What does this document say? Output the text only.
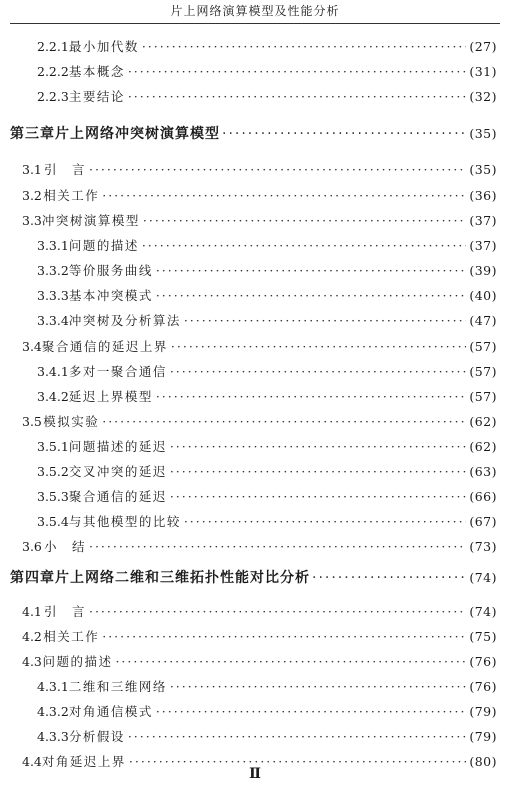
片上网络演算模型及性能分析
2.2.1 最小加代数 ·····	(27)
2.2.2 基本概念 ·····	(31)
2.2.3 主要结论 ·····	(32)
第三章 片上网络冲突树演算模型 ·····	(35)
3.1 引　言 ·····	(35)
3.2 相关工作 ·····	(36)
3.3 冲突树演算模型 ·····	(37)
3.3.1 问题的描述 ·····	(37)
3.3.2 等价服务曲线 ·····	(39)
3.3.3 基本冲突模式 ·····	(40)
3.3.4 冲突树及分析算法 ·····	(47)
3.4 聚合通信的延迟上界 ·····	(57)
3.4.1 多对一聚合通信 ·····	(57)
3.4.2 延迟上界模型 ·····	(57)
3.5 模拟实验 ·····	(62)
3.5.1 问题描述的延迟 ·····	(62)
3.5.2 交叉冲突的延迟 ·····	(63)
3.5.3 聚合通信的延迟 ·····	(66)
3.5.4 与其他模型的比较 ·····	(67)
3.6 小　结 ·····	(73)
第四章 片上网络二维和三维拓扑性能对比分析 ·····	(74)
4.1 引　言 ·····	(74)
4.2 相关工作 ·····	(75)
4.3 问题的描述 ·····	(76)
4.3.1 二维和三维网络 ·····	(76)
4.3.2 对角通信模式 ·····	(79)
4.3.3 分析假设 ·····	(79)
4.4 对角延迟上界 ·····	(80)
Ⅱ
